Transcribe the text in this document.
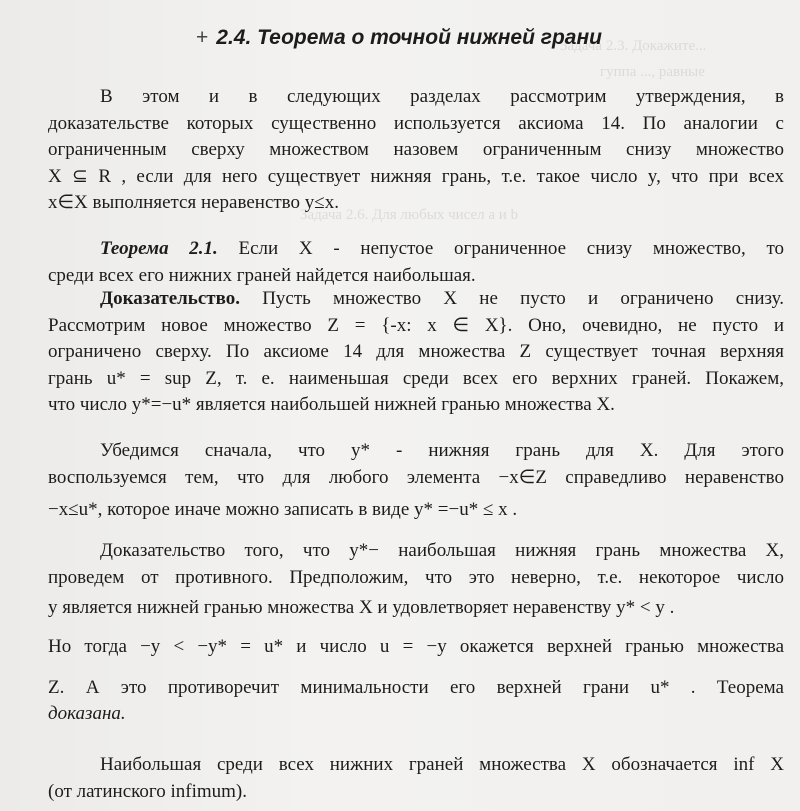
Задача 2.3. Докажите...
гуппа ..., равные
Задача 2.6. Для любых чисел a и b
+ 2.4. Теорема о точной нижней грани
В этом и в следующих разделах рассмотрим утверждения, в
доказательстве которых существенно используется аксиома 14. По аналогии с
ограниченным сверху множеством назовем ограниченным снизу множество
X ⊆ R , если для него существует нижняя грань, т.е. такое число y, что при всех
x∈X выполняется неравенство y≤x.
Теорема 2.1. Если X - непустое ограниченное снизу множество, то
среди всех его нижних граней найдется наибольшая.
Доказательство. Пусть множество X не пусто и ограничено снизу.
Рассмотрим новое множество Z = {-x: x ∈ X}. Оно, очевидно, не пусто и
ограничено сверху. По аксиоме 14 для множества Z существует точная верхняя
грань u* = sup Z, т. е. наименьшая среди всех его верхних граней. Покажем,
что число y*=−u* является наибольшей нижней гранью множества X.
Убедимся сначала, что y* - нижняя грань для X. Для этого
воспользуемся тем, что для любого элемента −x∈Z справедливо неравенство
−x≤u*, которое иначе можно записать в виде y* =−u* ≤ x .
Доказательство того, что y*− наибольшая нижняя грань множества X,
проведем от противного. Предположим, что это неверно, т.е. некоторое число
y является нижней гранью множества X и удовлетворяет неравенству y* < y .
Но тогда −y < −y* = u* и число u = −y окажется верхней гранью множества
Z. А это противоречит минимальности его верхней грани u* . Теорема
доказана.
Наибольшая среди всех нижних граней множества X обозначается inf X
(от латинского infimum).
